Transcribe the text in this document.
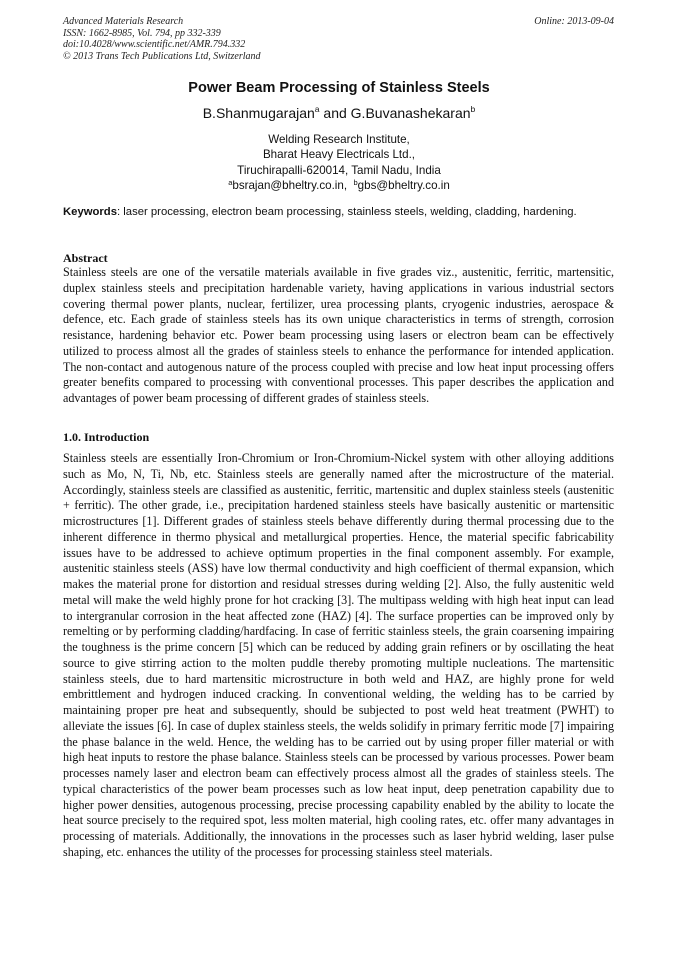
Advanced Materials Research
ISSN: 1662-8985, Vol. 794, pp 332-339
doi:10.4028/www.scientific.net/AMR.794.332
© 2013 Trans Tech Publications Ltd, Switzerland
Online: 2013-09-04
Power Beam Processing of Stainless Steels
B.Shanmugarajan$^a$ and G.Buvanashekaran$^b$
Welding Research Institute,
Bharat Heavy Electricals Ltd.,
Tiruchirapalli-620014, Tamil Nadu, India
$^a$bsrajan@bheltry.co.in, $^b$gbs@bheltry.co.in
Keywords: laser processing, electron beam processing, stainless steels, welding, cladding, hardening.
Abstract
Stainless steels are one of the versatile materials available in five grades viz., austenitic, ferritic, martensitic, duplex stainless steels and precipitation hardenable variety, having applications in various industrial sectors covering thermal power plants, nuclear, fertilizer, urea processing plants, cryogenic industries, aerospace & defence, etc. Each grade of stainless steels has its own unique characteristics in terms of strength, corrosion resistance, hardening behavior etc. Power beam processing using lasers or electron beam can be effectively utilized to process almost all the grades of stainless steels to enhance the performance for intended application. The non-contact and autogenous nature of the process coupled with precise and low heat input processing offers greater benefits compared to processing with conventional processes. This paper describes the application and advantages of power beam processing of different grades of stainless steels.
1.0. Introduction
Stainless steels are essentially Iron-Chromium or Iron-Chromium-Nickel system with other alloying additions such as Mo, N, Ti, Nb, etc. Stainless steels are generally named after the microstructure of the material. Accordingly, stainless steels are classified as austenitic, ferritic, martensitic and duplex stainless steels (austenitic + ferritic). The other grade, i.e., precipitation hardened stainless steels have basically austenitic or martensitic microstructures [1]. Different grades of stainless steels behave differently during thermal processing due to the inherent difference in thermo physical and metallurgical properties. Hence, the material specific fabricability issues have to be addressed to achieve optimum properties in the final component assembly. For example, austenitic stainless steels (ASS) have low thermal conductivity and high coefficient of thermal expansion, which makes the material prone for distortion and residual stresses during welding [2]. Also, the fully austenitic weld metal will make the weld highly prone for hot cracking [3]. The multipass welding with high heat input can lead to intergranular corrosion in the heat affected zone (HAZ) [4]. The surface properties can be improved only by remelting or by performing cladding/hardfacing. In case of ferritic stainless steels, the grain coarsening impairing the toughness is the prime concern [5] which can be reduced by adding grain refiners or by oscillating the heat source to give stirring action to the molten puddle thereby promoting multiple nucleations. The martensitic stainless steels, due to hard martensitic microstructure in both weld and HAZ, are highly prone for weld embrittlement and hydrogen induced cracking. In conventional welding, the welding has to be carried by maintaining proper pre heat and subsequently, should be subjected to post weld heat treatment (PWHT) to alleviate the issues [6]. In case of duplex stainless steels, the welds solidify in primary ferritic mode [7] impairing the phase balance in the weld. Hence, the welding has to be carried out by using proper filler material or with high heat inputs to restore the phase balance. Stainless steels can be processed by various processes. Power beam processes namely laser and electron beam can effectively process almost all the grades of stainless steels. The typical characteristics of the power beam processes such as low heat input, deep penetration capability due to higher power densities, autogenous processing, precise processing capability enabled by the ability to locate the heat source precisely to the required spot, less molten material, high cooling rates, etc. offer many advantages in processing of materials. Additionally, the innovations in the processes such as laser hybrid welding, laser pulse shaping, etc. enhances the utility of the processes for processing stainless steel materials.
